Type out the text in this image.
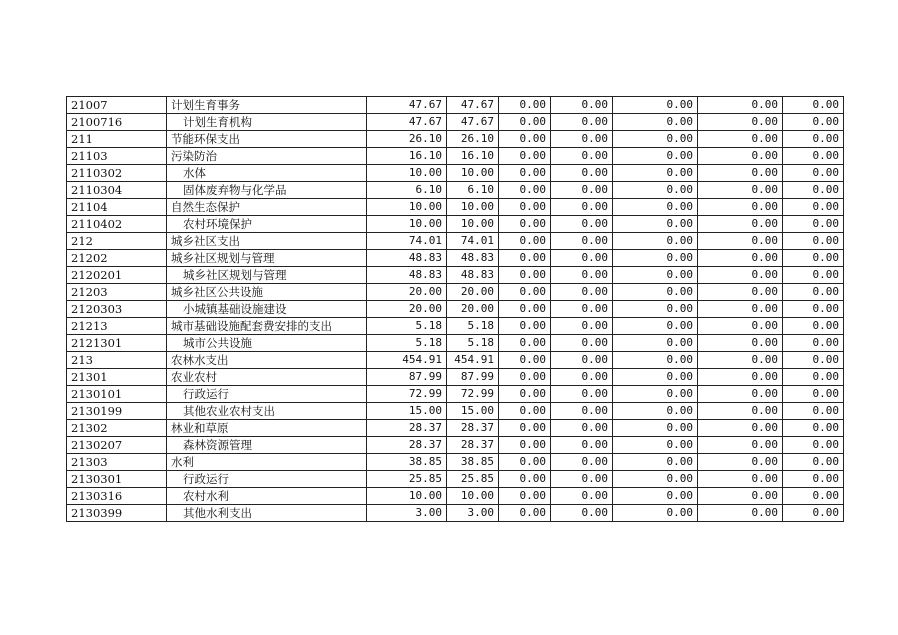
21007	计划生育事务	47.67	47.67	0.00	0.00	0.00	0.00	0.00
2100716	计划生育机构	47.67	47.67	0.00	0.00	0.00	0.00	0.00
211	节能环保支出	26.10	26.10	0.00	0.00	0.00	0.00	0.00
21103	污染防治	16.10	16.10	0.00	0.00	0.00	0.00	0.00
2110302	水体	10.00	10.00	0.00	0.00	0.00	0.00	0.00
2110304	固体废弃物与化学品	6.10	6.10	0.00	0.00	0.00	0.00	0.00
21104	自然生态保护	10.00	10.00	0.00	0.00	0.00	0.00	0.00
2110402	农村环境保护	10.00	10.00	0.00	0.00	0.00	0.00	0.00
212	城乡社区支出	74.01	74.01	0.00	0.00	0.00	0.00	0.00
21202	城乡社区规划与管理	48.83	48.83	0.00	0.00	0.00	0.00	0.00
2120201	城乡社区规划与管理	48.83	48.83	0.00	0.00	0.00	0.00	0.00
21203	城乡社区公共设施	20.00	20.00	0.00	0.00	0.00	0.00	0.00
2120303	小城镇基础设施建设	20.00	20.00	0.00	0.00	0.00	0.00	0.00
21213	城市基础设施配套费安排的支出	5.18	5.18	0.00	0.00	0.00	0.00	0.00
2121301	城市公共设施	5.18	5.18	0.00	0.00	0.00	0.00	0.00
213	农林水支出	454.91	454.91	0.00	0.00	0.00	0.00	0.00
21301	农业农村	87.99	87.99	0.00	0.00	0.00	0.00	0.00
2130101	行政运行	72.99	72.99	0.00	0.00	0.00	0.00	0.00
2130199	其他农业农村支出	15.00	15.00	0.00	0.00	0.00	0.00	0.00
21302	林业和草原	28.37	28.37	0.00	0.00	0.00	0.00	0.00
2130207	森林资源管理	28.37	28.37	0.00	0.00	0.00	0.00	0.00
21303	水利	38.85	38.85	0.00	0.00	0.00	0.00	0.00
2130301	行政运行	25.85	25.85	0.00	0.00	0.00	0.00	0.00
2130316	农村水利	10.00	10.00	0.00	0.00	0.00	0.00	0.00
2130399	其他水利支出	3.00	3.00	0.00	0.00	0.00	0.00	0.00
